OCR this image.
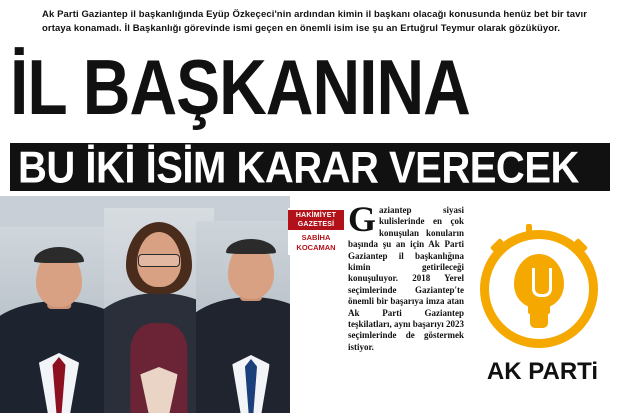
Ak Parti Gaziantep il başkanlığında Eyüp Özkeçeci'nin ardından kimin il başkanı olacağı konusunda henüz bet bir tavır ortaya konamadı. İl Başkanlığı görevinde ismi geçen en önemli isim ise şu an Ertuğrul Teymur olarak gözüküyor.
İL BAŞKANINA
BU İKİ İSİM KARAR VERECEK
HAKİMİYET
GAZETESİ
SABİHA
KOCAMAN
Gaziantep siyasi kulislerinde en çok konuşulan konuların başında şu an için Ak Parti Gaziantep il başkanlığına kimin getirileceği konuşuluyor. 2018 Yerel seçimlerinde Gaziantep'te önemli bir başarıya imza atan Ak Parti Gaziantep teşkilatları, aynı başarıyı 2023 seçimlerinde de göstermek istiyor.
AK PARTi
